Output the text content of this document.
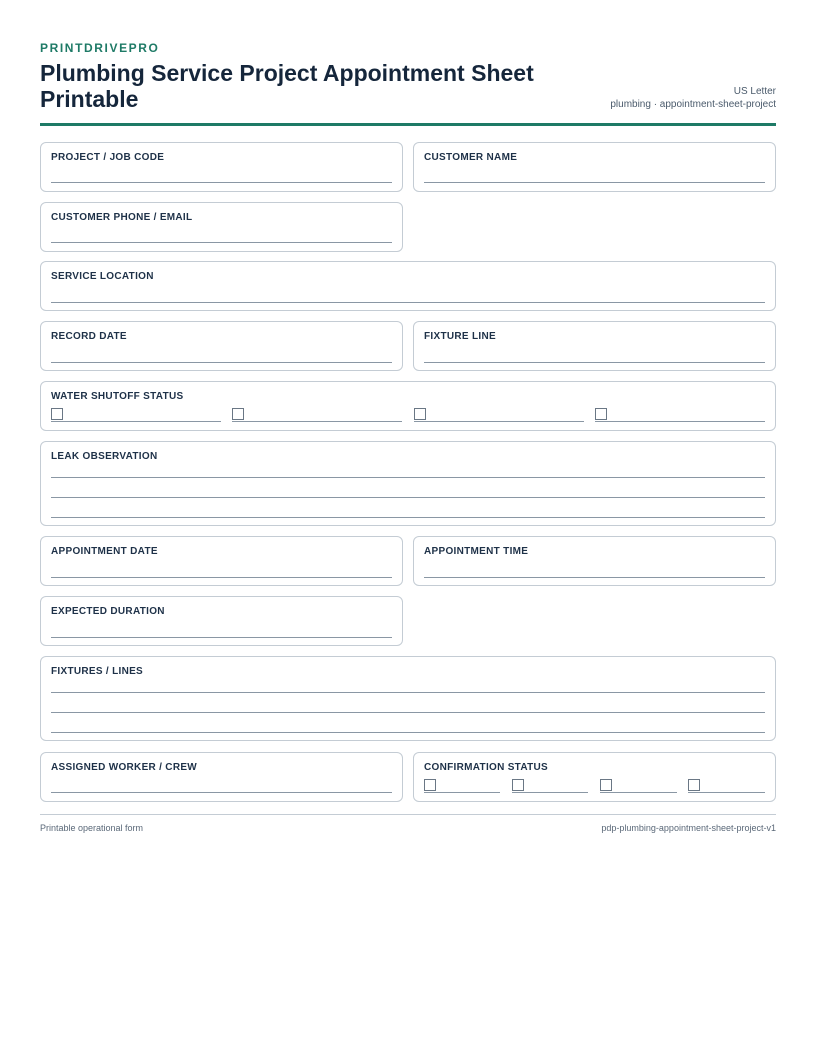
PRINTDRIVEPRO
Plumbing Service Project Appointment Sheet Printable	US Letter
plumbing · appointment-sheet-project
PROJECT / JOB CODE	CUSTOMER NAME
CUSTOMER PHONE / EMAIL
SERVICE LOCATION
RECORD DATE	FIXTURE LINE
WATER SHUTOFF STATUS
LEAK OBSERVATION
APPOINTMENT DATE	APPOINTMENT TIME
EXPECTED DURATION
FIXTURES / LINES
ASSIGNED WORKER / CREW	CONFIRMATION STATUS
Printable operational form	pdp-plumbing-appointment-sheet-project-v1
